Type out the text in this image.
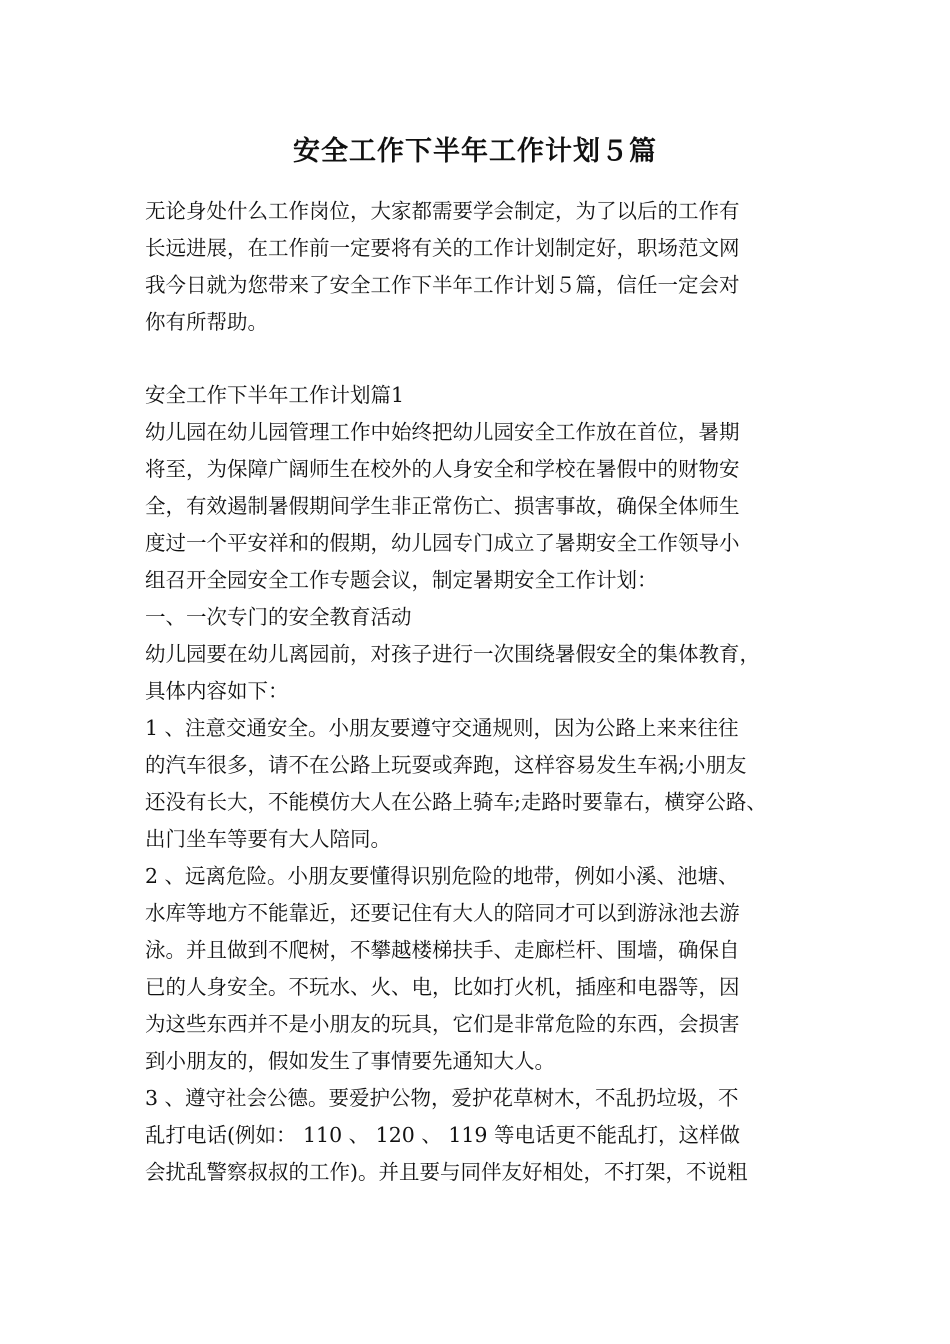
安全工作下半年工作计划５篇
无论身处什么工作岗位，大家都需要学会制定，为了以后的工作有
长远进展，在工作前一定要将有关的工作计划制定好，职场范文网
我今日就为您带来了安全工作下半年工作计划５篇，信任一定会对
你有所帮助。
安全工作下半年工作计划篇1
幼儿园在幼儿园管理工作中始终把幼儿园安全工作放在首位，暑期
将至，为保障广阔师生在校外的人身安全和学校在暑假中的财物安
全，有效遏制暑假期间学生非正常伤亡、损害事故，确保全体师生
度过一个平安祥和的假期，幼儿园专门成立了暑期安全工作领导小
组召开全园安全工作专题会议，制定暑期安全工作计划：
一、一次专门的安全教育活动
幼儿园要在幼儿离园前，对孩子进行一次围绕暑假安全的集体教育，
具体内容如下：
1 、注意交通安全。小朋友要遵守交通规则，因为公路上来来往往
的汽车很多，请不在公路上玩耍或奔跑，这样容易发生车祸;小朋友
还没有长大，不能模仿大人在公路上骑车;走路时要靠右，横穿公路、
出门坐车等要有大人陪同。
2 、远离危险。小朋友要懂得识别危险的地带，例如小溪、池塘、
水库等地方不能靠近，还要记住有大人的陪同才可以到游泳池去游
泳。并且做到不爬树，不攀越楼梯扶手、走廊栏杆、围墙，确保自
已的人身安全。不玩水、火、电，比如打火机，插座和电器等，因
为这些东西并不是小朋友的玩具，它们是非常危险的东西，会损害
到小朋友的，假如发生了事情要先通知大人。
3 、遵守社会公德。要爱护公物，爱护花草树木，不乱扔垃圾，不
乱打电话(例如： 110 、 120 、 119 等电话更不能乱打，这样做
会扰乱警察叔叔的工作)。并且要与同伴友好相处，不打架，不说粗
